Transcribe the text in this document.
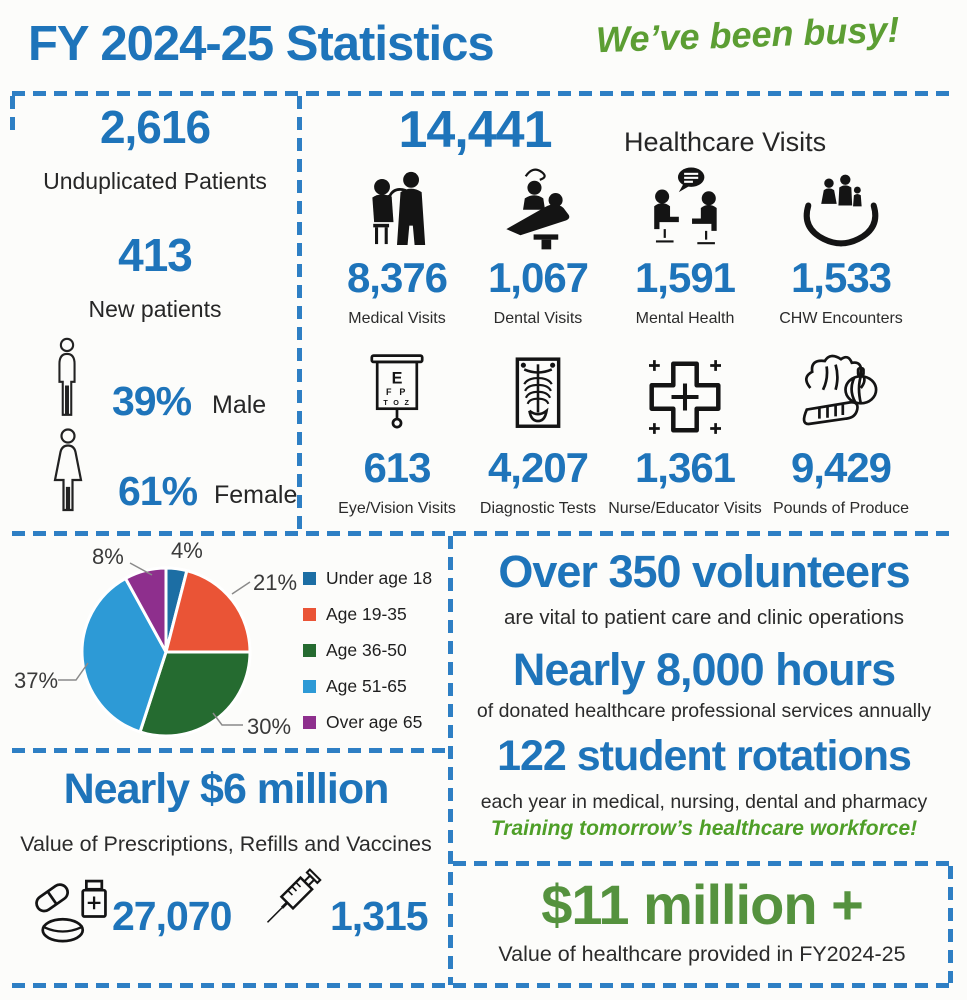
FY 2024-25 Statistics	We’ve been busy!
2,616
Unduplicated Patients
413
New patients
39% Male
61% Female
14,441	Healthcare Visits
8,376
Medical Visits
1,067
Dental Visits
1,591
Mental Health
1,533
CHW Encounters
E
F P
T O Z
613
Eye/Vision Visits
4,207
Diagnostic Tests
1,361
Nurse/Educator Visits
9,429
Pounds of Produce
8% 4%
21%
37%
30%
Under age 18
Age 19-35
Age 36-50
Age 51-65
Over age 65
Nearly $6 million
Value of Prescriptions, Refills and Vaccines
27,070 1,315
Over 350 volunteers
are vital to patient care and clinic operations
Nearly 8,000 hours
of donated healthcare professional services annually
122 student rotations
each year in medical, nursing, dental and pharmacy
Training tomorrow’s healthcare workforce!
$11 million +
Value of healthcare provided in FY2024-25
